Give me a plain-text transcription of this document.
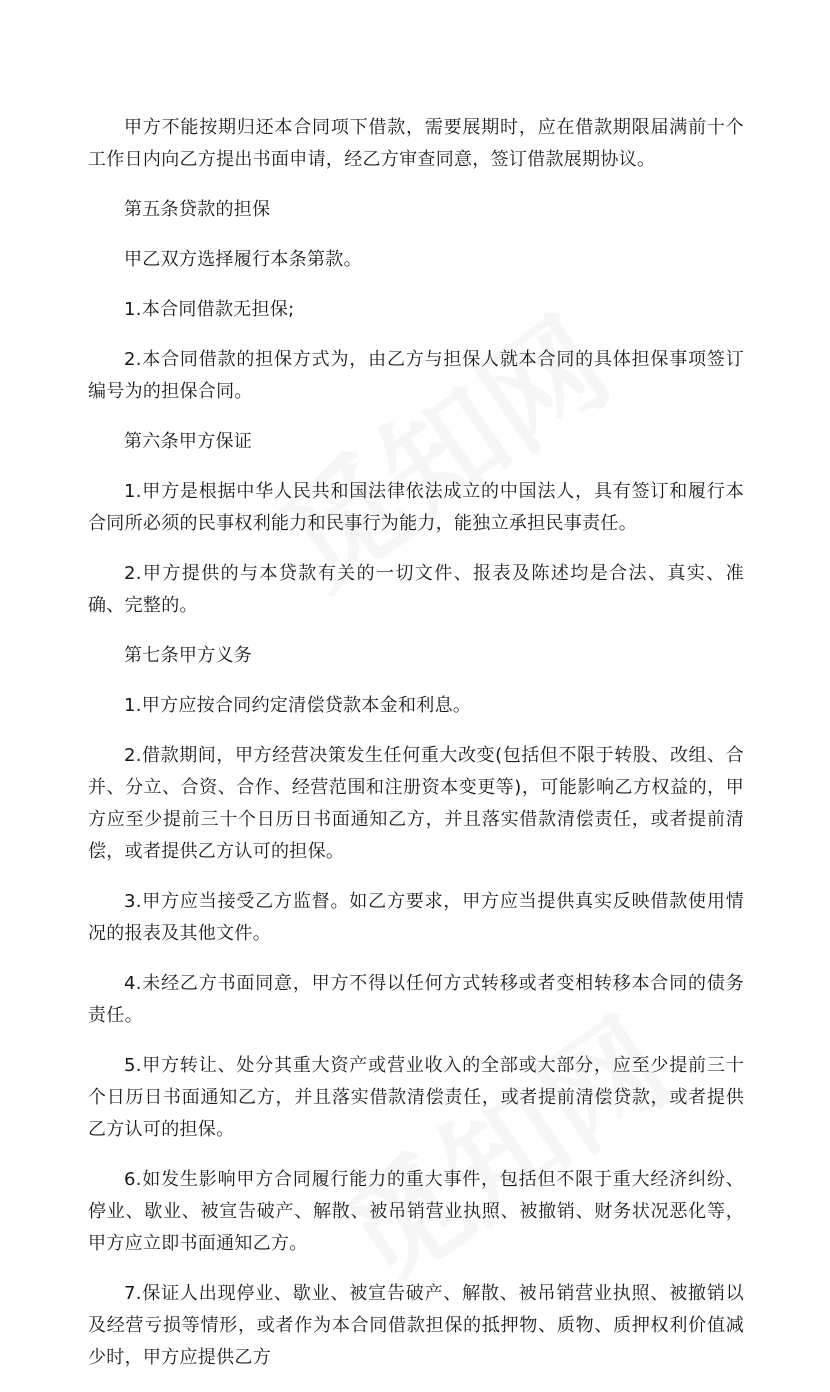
甲方不能按期归还本合同项下借款，需要展期时，应在借款期限届满前十个工作日内向乙方提出书面申请，经乙方审查同意，签订借款展期协议。

第五条贷款的担保

甲乙双方选择履行本条第款。

1.本合同借款无担保;

2.本合同借款的担保方式为，由乙方与担保人就本合同的具体担保事项签订编号为的担保合同。

第六条甲方保证

1.甲方是根据中华人民共和国法律依法成立的中国法人，具有签订和履行本合同所必须的民事权利能力和民事行为能力，能独立承担民事责任。

2.甲方提供的与本贷款有关的一切文件、报表及陈述均是合法、真实、准确、完整的。

第七条甲方义务

1.甲方应按合同约定清偿贷款本金和利息。

2.借款期间，甲方经营决策发生任何重大改变(包括但不限于转股、改组、合并、分立、合资、合作、经营范围和注册资本变更等)，可能影响乙方权益的，甲方应至少提前三十个日历日书面通知乙方，并且落实借款清偿责任，或者提前清偿，或者提供乙方认可的担保。

3.甲方应当接受乙方监督。如乙方要求，甲方应当提供真实反映借款使用情况的报表及其他文件。

4.未经乙方书面同意，甲方不得以任何方式转移或者变相转移本合同的债务责任。

5.甲方转让、处分其重大资产或营业收入的全部或大部分，应至少提前三十个日历日书面通知乙方，并且落实借款清偿责任，或者提前清偿贷款，或者提供乙方认可的担保。

6.如发生影响甲方合同履行能力的重大事件，包括但不限于重大经济纠纷、停业、歇业、被宣告破产、解散、被吊销营业执照、被撤销、财务状况恶化等，甲方应立即书面通知乙方。

7.保证人出现停业、歇业、被宣告破产、解散、被吊销营业执照、被撤销以及经营亏损等情形，或者作为本合同借款担保的抵押物、质物、质押权利价值减少时，甲方应提供乙方
